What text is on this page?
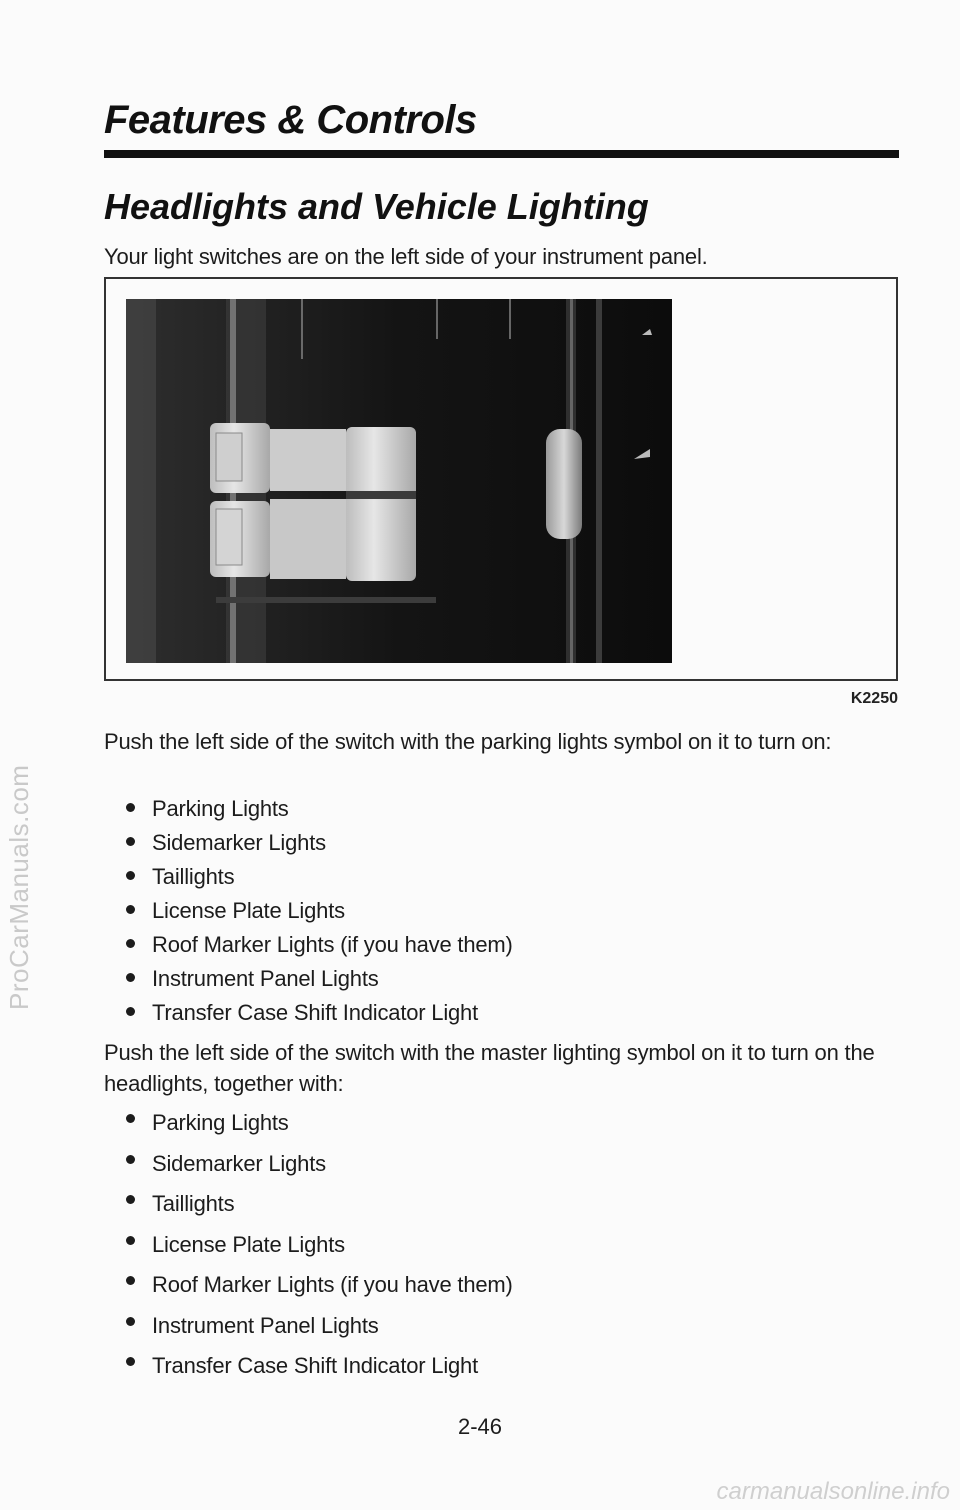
ProCarManuals.com
Features & Controls
Headlights and Vehicle Lighting

Your light switches are on the left side of your instrument panel.

K2250

Push the left side of the switch with the parking lights symbol on it to turn on:

Parking Lights
Sidemarker Lights
Taillights
License Plate Lights
Roof Marker Lights (if you have them)
Instrument Panel Lights
Transfer Case Shift Indicator Light

Push the left side of the switch with the master lighting symbol on it to turn on the headlights, together with:

Parking Lights
Sidemarker Lights
Taillights
License Plate Lights
Roof Marker Lights (if you have them)
Instrument Panel Lights
Transfer Case Shift Indicator Light
2-46
carmanualsonline.info
